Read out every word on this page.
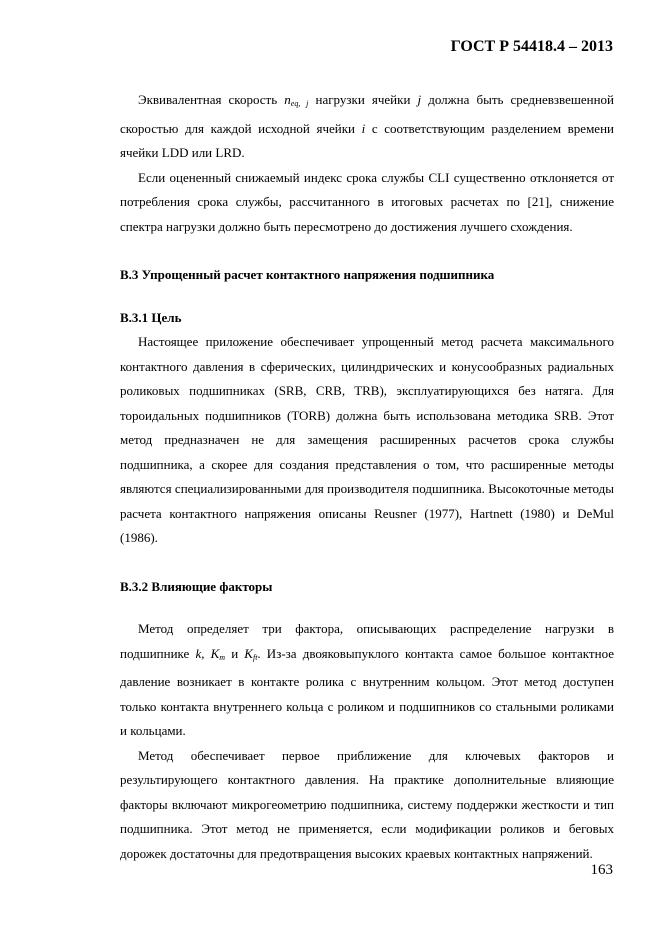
ГОСТ Р 54418.4 – 2013

Эквивалентная скорость $n_{eq, j}$ нагрузки ячейки j должна быть средневзвешенной скоростью для каждой исходной ячейки i с соответствующим разделением времени ячейки LDD или LRD.

Если оцененный снижаемый индекс срока службы CLI существенно отклоняется от потребления срока службы, рассчитанного в итоговых расчетах по [21], снижение спектра нагрузки должно быть пересмотрено до достижения лучшего схождения.

B.3 Упрощенный расчет контактного напряжения подшипника
B.3.1 Цель

Настоящее приложение обеспечивает упрощенный метод расчета максимального контактного давления в сферических, цилиндрических и конусообразных радиальных роликовых подшипниках (SRB, CRB, TRB), эксплуатирующихся без натяга. Для тороидальных подшипников (TORB) должна быть использована методика SRB. Этот метод предназначен не для замещения расширенных расчетов срока службы подшипника, а скорее для создания представления о том, что расширенные методы являются специализированными для производителя подшипника. Высокоточные методы расчета контактного напряжения описаны Reusner (1977), Hartnett (1980) и DeMul (1986).

B.3.2 Влияющие факторы

Метод определяет три фактора, описывающих распределение нагрузки в подшипнике k, $K_m$ и $K_{ft}$. Из-за двояковыпуклого контакта самое большое контактное давление возникает в контакте ролика с внутренним кольцом. Этот метод доступен только контакта внутреннего кольца с роликом и подшипников со стальными роликами и кольцами.

Метод обеспечивает первое приближение для ключевых факторов и результирующего контактного давления. На практике дополнительные влияющие факторы включают микрогеометрию подшипника, систему поддержки жесткости и тип подшипника. Этот метод не применяется, если модификации роликов и беговых дорожек достаточны для предотвращения высоких краевых контактных напряжений.

163
